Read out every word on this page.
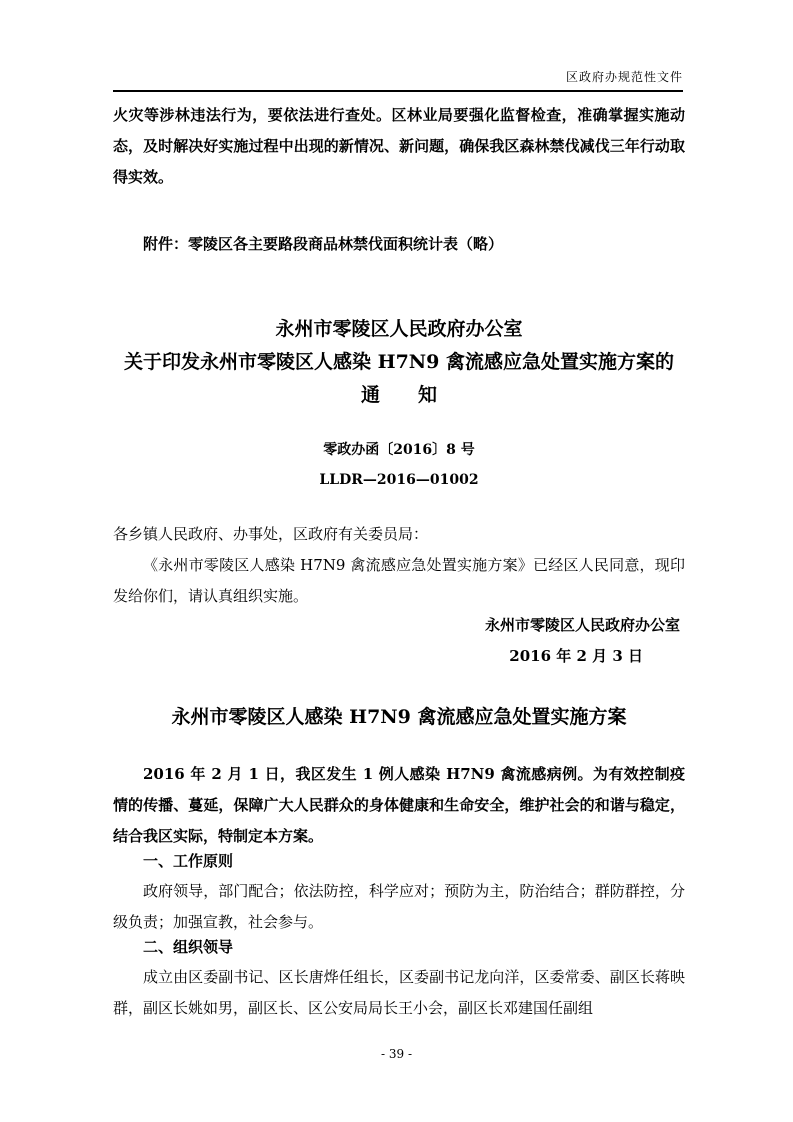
区政府办规范性文件

火灾等涉林违法行为，要依法进行查处。区林业局要强化监督检查，准确掌握实施动态，及时解决好实施过程中出现的新情况、新问题，确保我区森林禁伐减伐三年行动取得实效。

附件：零陵区各主要路段商品林禁伐面积统计表（略）

永州市零陵区人民政府办公室

关于印发永州市零陵区人感染 H7N9 禽流感应急处置实施方案的

通　　知

零政办函〔2016〕8 号

LLDR—2016—01002

各乡镇人民政府、办事处，区政府有关委员局：

《永州市零陵区人感染 H7N9 禽流感应急处置实施方案》已经区人民同意，现印发给你们，请认真组织实施。

永州市零陵区人民政府办公室
2016 年 2 月 3 日

永州市零陵区人感染 H7N9 禽流感应急处置实施方案

2016 年 2 月 1 日，我区发生 1 例人感染 H7N9 禽流感病例。为有效控制疫情的传播、蔓延，保障广大人民群众的身体健康和生命安全，维护社会的和谐与稳定，结合我区实际，特制定本方案。

一、工作原则

政府领导，部门配合；依法防控，科学应对；预防为主，防治结合；群防群控，分级负责；加强宣教，社会参与。

二、组织领导

成立由区委副书记、区长唐烨任组长，区委副书记龙向洋，区委常委、副区长蒋映群，副区长姚如男，副区长、区公安局局长王小会，副区长邓建国任副组

- 39 -
